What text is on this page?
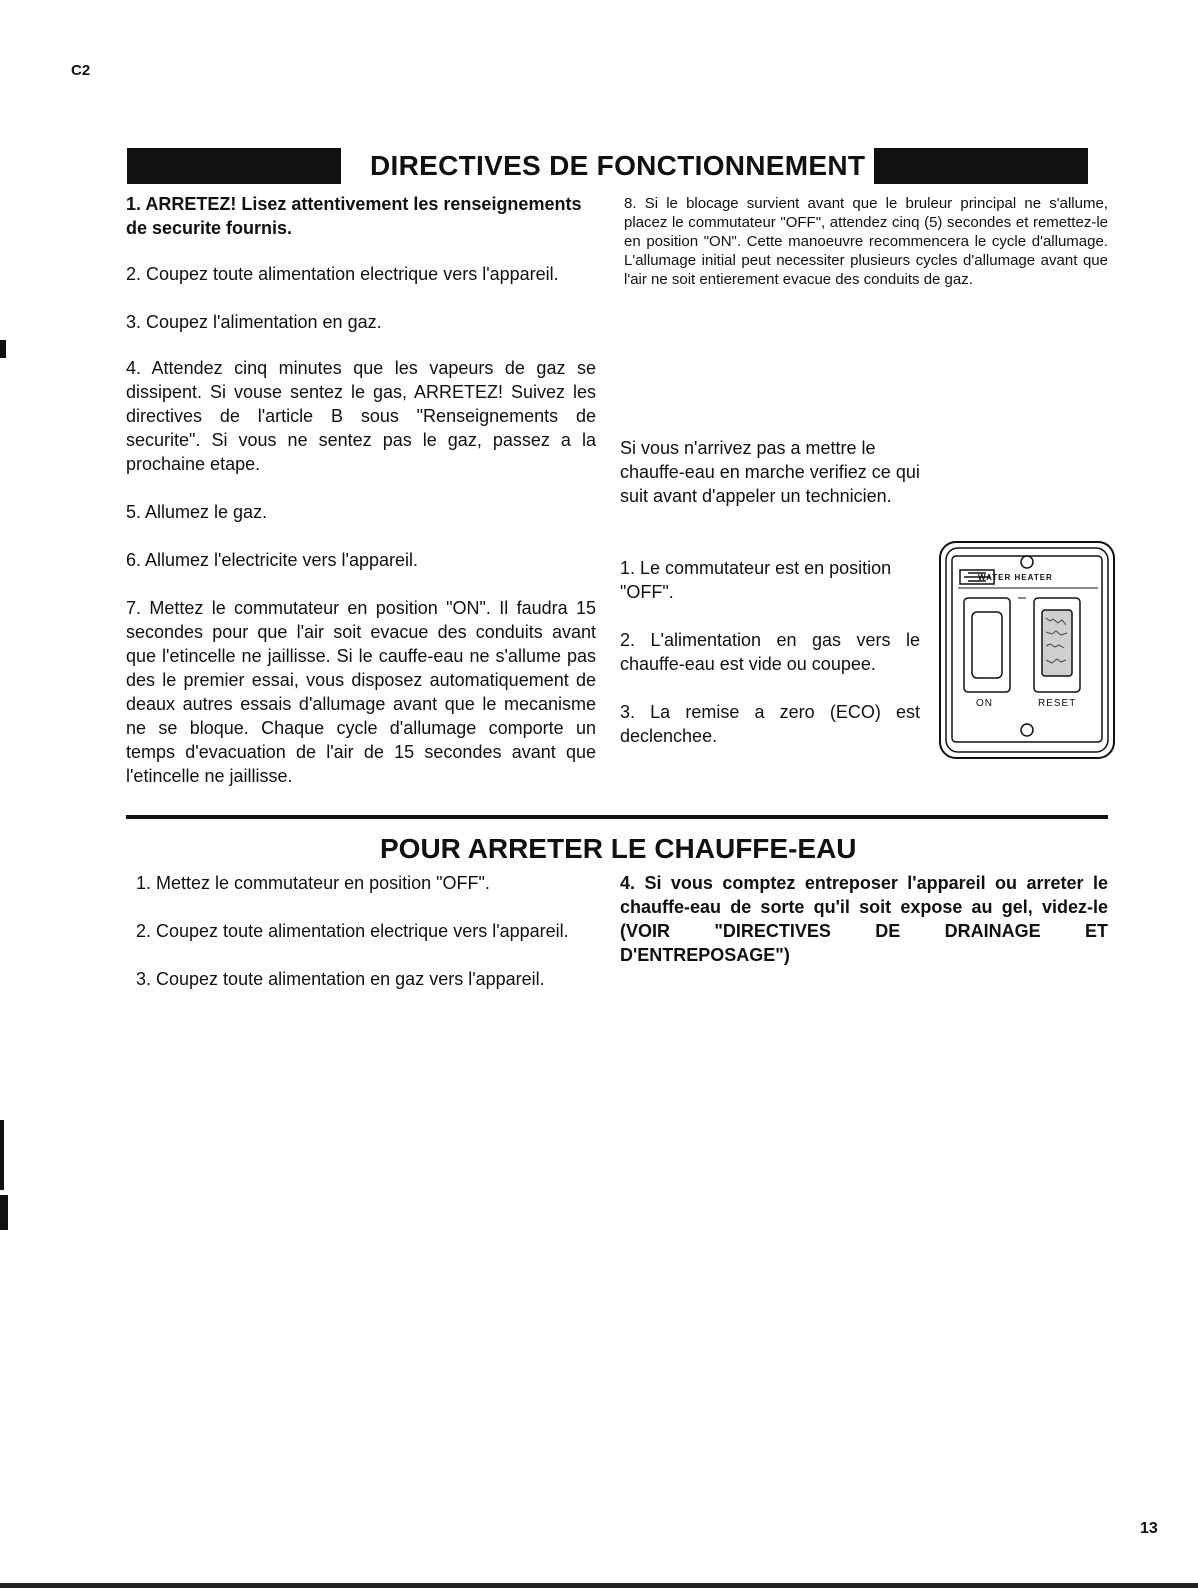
C2
13
DIRECTIVES DE FONCTIONNEMENT
1. ARRETEZ! Lisez attentivement les renseignements de securite fournis.
2. Coupez toute alimentation electrique vers l'appareil.
3. Coupez l'alimentation en gaz.
4. Attendez cinq minutes que les vapeurs de gaz se dissipent. Si vouse sentez le gas, ARRETEZ! Suivez les directives de l'article B sous "Renseignements de securite". Si vous ne sentez pas le gaz, passez a la prochaine etape.
5. Allumez le gaz.
6. Allumez l'electricite vers l'appareil.
7. Mettez le commutateur en position "ON". Il faudra 15 secondes pour que l'air soit evacue des conduits avant que l'etincelle ne jaillisse. Si le cauffe-eau ne s'allume pas des le premier essai, vous disposez automatiquement de deaux autres essais d'allumage avant que le mecanisme ne se bloque. Chaque cycle d'allumage comporte un temps d'evacuation de l'air de 15 secondes avant que l'etincelle ne jaillisse.
8. Si le blocage survient avant que le bruleur principal ne s'allume, placez le commutateur "OFF", attendez cinq (5) secondes et remettez-le en position "ON". Cette manoeuvre recommencera le cycle d'allumage. L'allumage initial peut necessiter plusieurs cycles d'allumage avant que l'air ne soit entierement evacue des conduits de gaz.
Si vous n'arrivez pas a mettre le chauffe-eau en marche verifiez ce qui suit avant d'appeler un technicien.
1. Le commutateur est en position "OFF".
2. L'alimentation en gas vers le chauffe-eau est vide ou coupee.
3. La remise a zero (ECO) est declenchee.
WATER HEATER
ON	RESET
POUR ARRETER LE CHAUFFE-EAU
1. Mettez le commutateur en position "OFF".
2. Coupez toute alimentation electrique vers l'appareil.
3. Coupez toute alimentation en gaz vers l'appareil.
4. Si vous comptez entreposer l'appareil ou arreter le chauffe-eau de sorte qu'il soit expose au gel, videz-le (VOIR "DIRECTIVES DE DRAINAGE ET D'ENTREPOSAGE")
